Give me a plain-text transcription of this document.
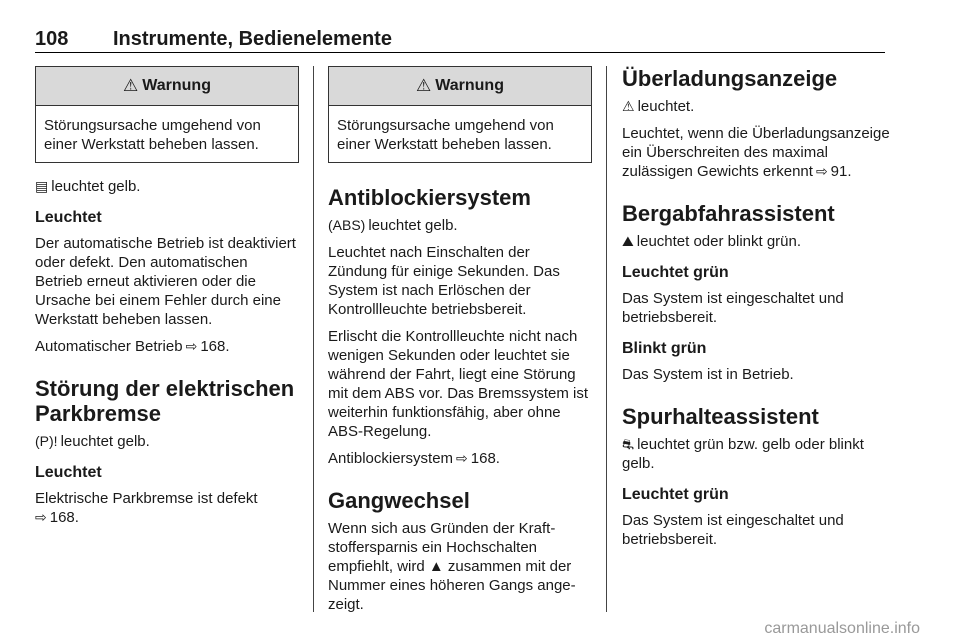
108 Instrumente, Bedienelemente
⚠ Warnung
Störungsursache umgehend von einer Werkstatt beheben lassen.

▤ leuchtet gelb.

Leuchtet

Der automatische Betrieb ist deaktiviert oder defekt. Den automatischen Betrieb erneut aktivieren oder die Ursache bei einem Fehler durch eine Werkstatt beheben lassen.

Automatischer Betrieb ⇨ 168.

Störung der elektrischen Parkbremse

(P)! leuchtet gelb.

Leuchtet

Elektrische Parkbremse ist defekt
⇨ 168.

⚠ Warnung
Störungsursache umgehend von einer Werkstatt beheben lassen.
Antiblockiersystem

(ABS) leuchtet gelb.

Leuchtet nach Einschalten der Zündung für einige Sekunden. Das System ist nach Erlöschen der Kontrollleuchte betriebsbereit.

Erlischt die Kontrollleuchte nicht nach wenigen Sekunden oder leuchtet sie während der Fahrt, liegt eine Störung mit dem ABS vor. Das Bremssystem ist weiterhin funktionsfähig, aber ohne ABS-Regelung.

Antiblockiersystem ⇨ 168.

Gangwechsel

Wenn sich aus Gründen der Kraftstoffersparnis ein Hochschalten empfiehlt, wird ▲ zusammen mit der Nummer eines höheren Gangs angezeigt.

Überladungsanzeige

⚠ leuchtet.

Leuchtet, wenn die Überladungsanzeige ein Überschreiten des maximal zulässigen Gewichts erkennt ⇨ 91.

Bergabfahrassistent

⛰ leuchtet oder blinkt grün.

Leuchtet grün

Das System ist eingeschaltet und betriebsbereit.

Blinkt grün

Das System ist in Betrieb.

Spurhalteassistent

⛐ leuchtet grün bzw. gelb oder blinkt gelb.

Leuchtet grün

Das System ist eingeschaltet und betriebsbereit.

carmanualsonline.info
